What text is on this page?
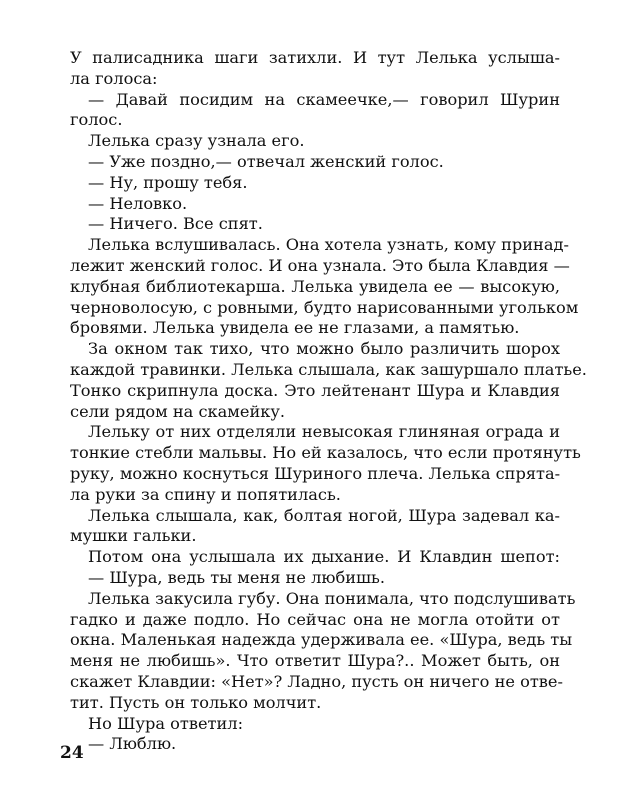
У палисадника шаги затихли. И тут Лелька услыша-
ла голоса:
— Давай посидим на скамеечке,— говорил Шурин
голос.
Лелька сразу узнала его.
— Уже поздно,— отвечал женский голос.
— Ну, прошу тебя.
— Неловко.
— Ничего. Все спят.
Лелька вслушивалась. Она хотела узнать, кому принад-
лежит женский голос. И она узнала. Это была Клавдия —
клубная библиотекарша. Лелька увидела ее — высокую,
черноволосую, с ровными, будто нарисованными угольком
бровями. Лелька увидела ее не глазами, а памятью.
За окном так тихо, что можно было различить шорох
каждой травинки. Лелька слышала, как зашуршало платье.
Тонко скрипнула доска. Это лейтенант Шура и Клавдия
сели рядом на скамейку.
Лельку от них отделяли невысокая глиняная ограда и
тонкие стебли мальвы. Но ей казалось, что если протянуть
руку, можно коснуться Шуриного плеча. Лелька спрята-
ла руки за спину и попятилась.
Лелька слышала, как, болтая ногой, Шура задевал ка-
мушки гальки.
Потом она услышала их дыхание. И Клавдин шепот:
— Шура, ведь ты меня не любишь.
Лелька закусила губу. Она понимала, что подслушивать
гадко и даже подло. Но сейчас она не могла отойти от
окна. Маленькая надежда удерживала ее. «Шура, ведь ты
меня не любишь». Что ответит Шура?.. Может быть, он
скажет Клавдии: «Нет»? Ладно, пусть он ничего не отве-
тит. Пусть он только молчит.
Но Шура ответил:
— Люблю.
24
